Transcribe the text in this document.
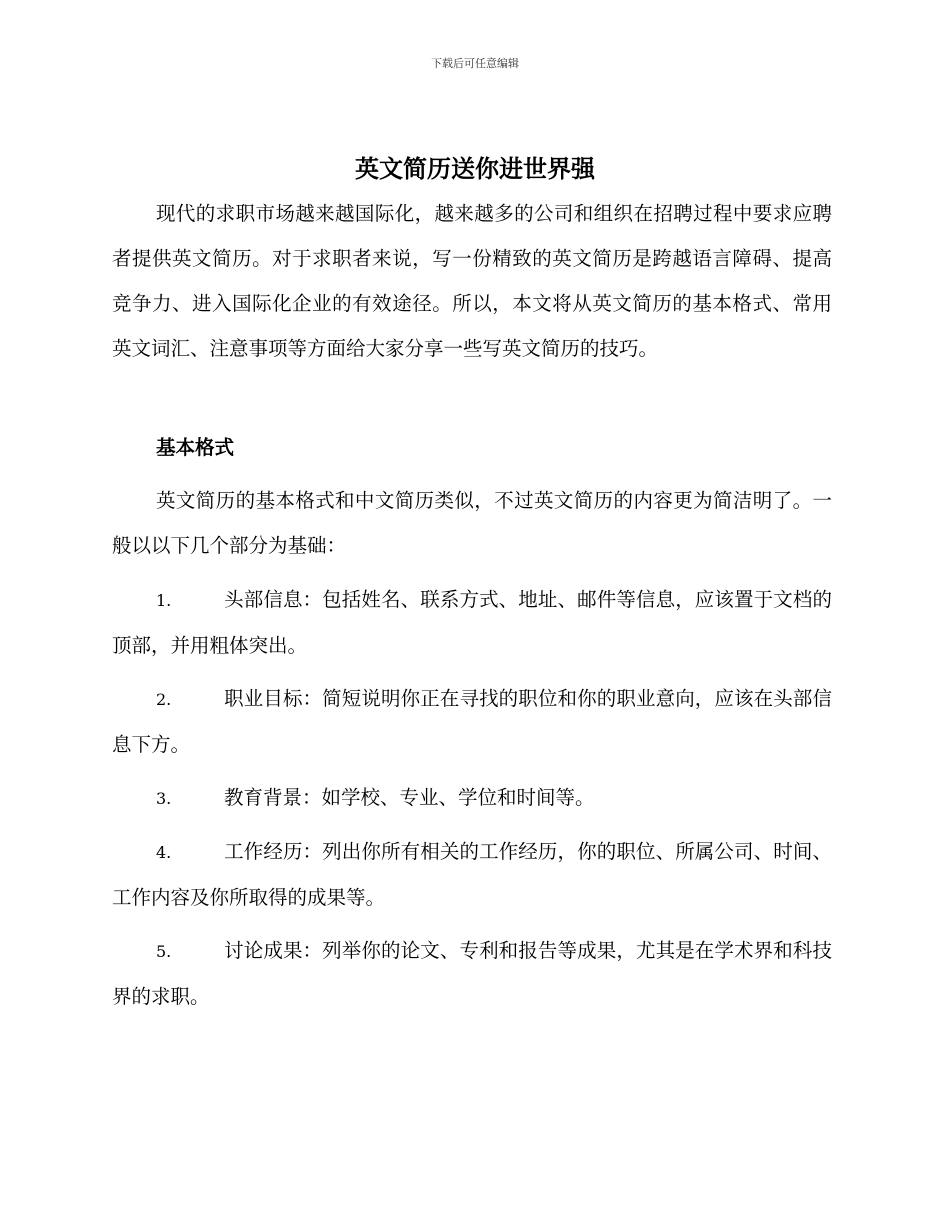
下载后可任意编辑
英文简历送你进世界强
现代的求职市场越来越国际化，越来越多的公司和组织在招聘过程中要求应聘者提供英文简历。对于求职者来说，写一份精致的英文简历是跨越语言障碍、提高竞争力、进入国际化企业的有效途径。所以，本文将从英文简历的基本格式、常用英文词汇、注意事项等方面给大家分享一些写英文简历的技巧。
基本格式
英文简历的基本格式和中文简历类似，不过英文简历的内容更为简洁明了。一般以以下几个部分为基础：
1.	头部信息：包括姓名、联系方式、地址、邮件等信息，应该置于文档的顶部，并用粗体突出。
2.	职业目标：简短说明你正在寻找的职位和你的职业意向，应该在头部信息下方。
3.	教育背景：如学校、专业、学位和时间等。
4.	工作经历：列出你所有相关的工作经历，你的职位、所属公司、时间、工作内容及你所取得的成果等。
5.	讨论成果：列举你的论文、专利和报告等成果，尤其是在学术界和科技界的求职。
